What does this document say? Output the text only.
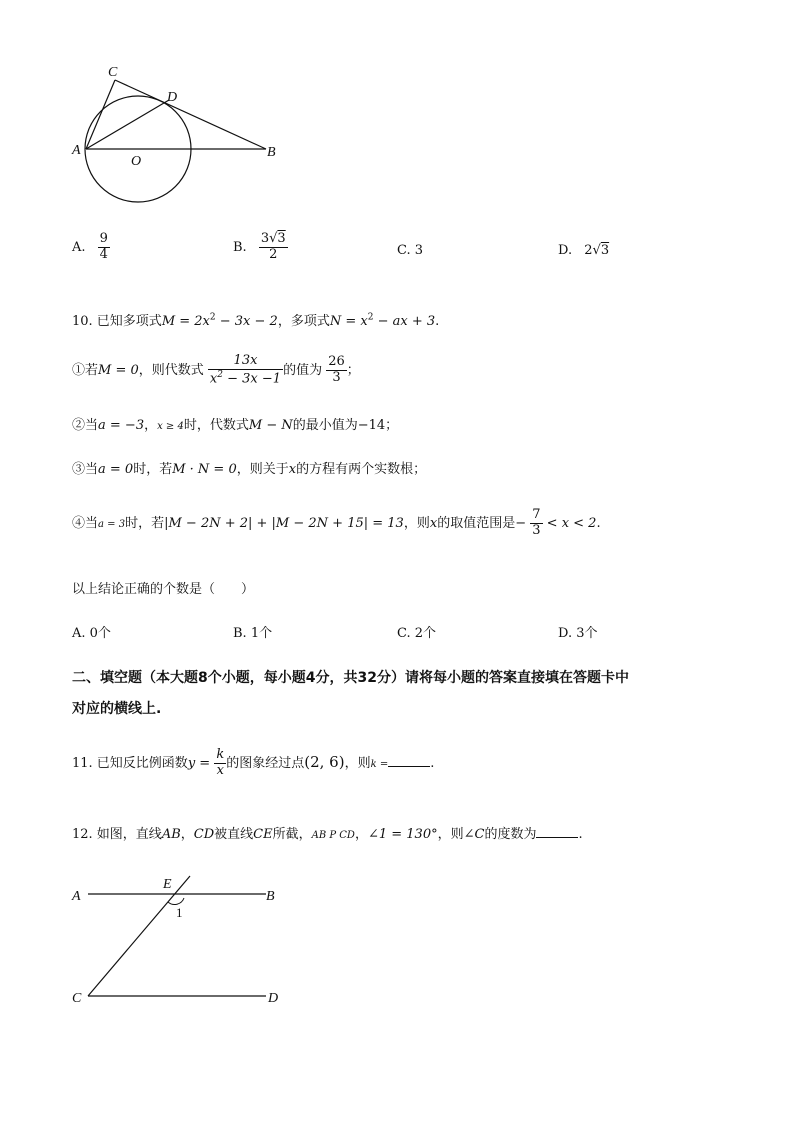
C
D
A	B
O
A. $\frac{9}{4}$	B. $\frac{3√3}{2}$	C. 3	D. 2√3
10. 已知多项式$M = 2x^2 - 3x - 2$，多项式$N = x^2$ − ax + 3.
①若M = 0，则代数式 $\frac{13x}{x^2 - 3x -1}$ 的值为 $\frac{26}{3}$ ；
②当a = −3，x ≥ 4时，代数式M − N的最小值为−14；
③当a = 0时，若M · N = 0，则关于x的方程有两个实数根；
④当a = 3时，若|M − 2N + 2| + |M − 2N + 15| = 13，则x的取值范围是− $\frac{7}{3} < x < 2$.
以上结论正确的个数是（　　）
A. 0个	B. 1个	C. 2个	D. 3个
二、填空题（本大题8个小题，每小题4分，共32分）请将每小题的答案直接填在答题卡中
对应的横线上.
11. 已知反比例函数$y = \frac{k}{x}$ 的图象经过点(2, 6)，则k =	.
12. 如图，直线AB，CD被直线CE所截，AB P CD，∠1 = 130°，则∠C的度数为	.
A
E
B
1
C	D
